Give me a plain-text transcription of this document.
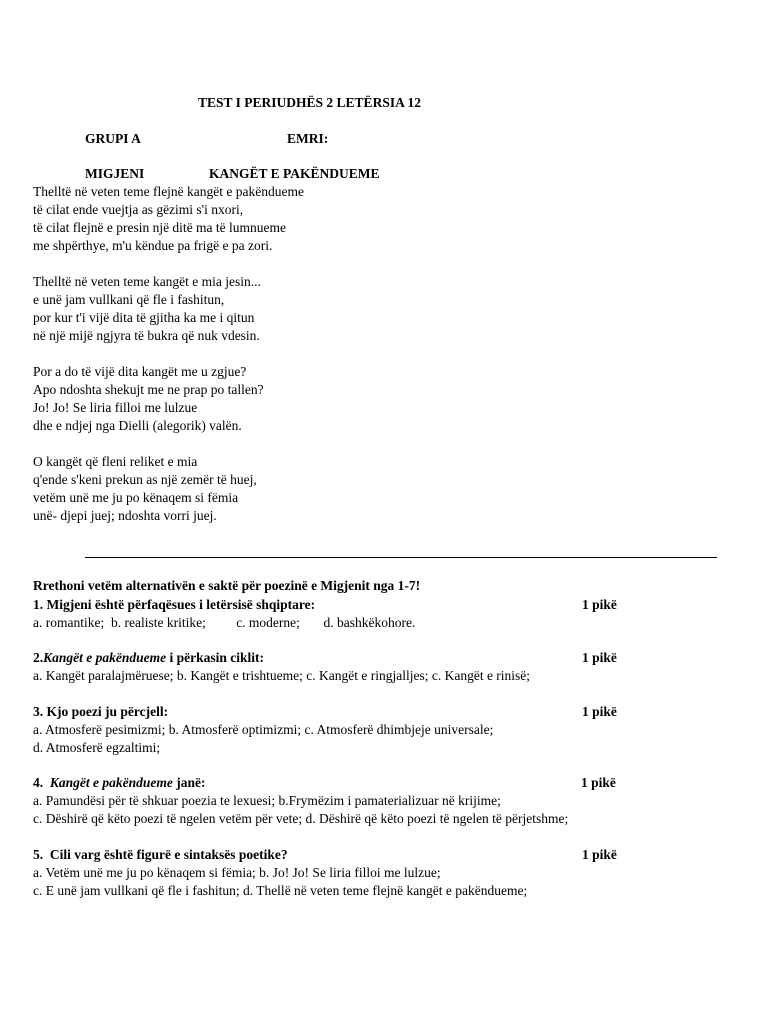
TEST I PERIUDHËS 2 LETËRSIA 12
GRUPI A	EMRI:
MIGJENI	KANGËT E PAKËNDUEME
Thelltë në veten teme flejnë kangët e pakëndueme
të cilat ende vuejtja as gëzimi s'i nxori,
të cilat flejnë e presin një ditë ma të lumnueme
me shpërthye, m'u këndue pa frigë e pa zori.
Thelltë në veten teme kangët e mia jesin...
e unë jam vullkani që fle i fashitun,
por kur t'i vijë dita të gjitha ka me i qitun
në një mijë ngjyra të bukra që nuk vdesin.
Por a do të vijë dita kangët me u zgjue?
Apo ndoshta shekujt me ne prap po tallen?
Jo! Jo! Se liria filloi me lulzue
dhe e ndjej nga Dielli (alegorik) valën.
O kangët që fleni reliket e mia
q'ende s'keni prekun as një zemër të huej,
vetëm unë me ju po kënaqem si fëmia
unë- djepi juej; ndoshta vorri juej.
Rrethoni vetëm alternativën e saktë për poezinë e Migjenit nga 1-7!
1. Migjeni është përfaqësues i letërsisë shqiptare:	1 pikë
a. romantike;  b. realiste kritike;         c. moderne;       d. bashkëkohore.
2.Kangët e pakëndueme i përkasin ciklit:	1 pikë
a. Kangët paralajmëruese; b. Kangët e trishtueme; c. Kangët e ringjalljes; c. Kangët e rinisë;
3. Kjo poezi ju përcjell:	1 pikë
a. Atmosferë pesimizmi; b. Atmosferë optimizmi; c. Atmosferë dhimbjeje universale;
d. Atmosferë egzaltimi;
4.  Kangët e pakëndueme janë:	1 pikë
a. Pamundësi për të shkuar poezia te lexuesi; b.Frymëzim i pamaterializuar në krijime;
c. Dëshirë që këto poezi të ngelen vetëm për vete; d. Dëshirë që këto poezi të ngelen të përjetshme;
5.  Cili varg është figurë e sintaksës poetike?	1 pikë
a. Vetëm unë me ju po kënaqem si fëmia; b. Jo! Jo! Se liria filloi me lulzue;
c. E unë jam vullkani që fle i fashitun; d. Thellë në veten teme flejnë kangët e pakëndueme;
